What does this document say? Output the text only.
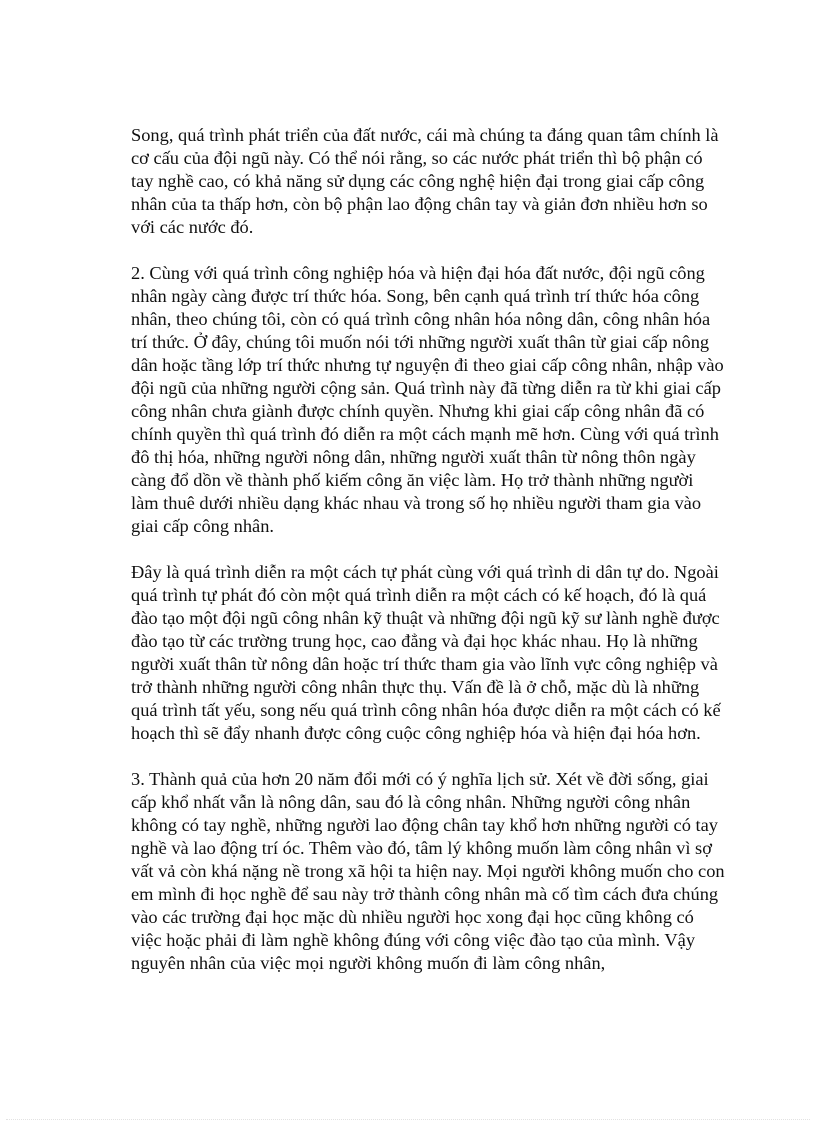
Song, quá trình phát triển của đất nước, cái mà chúng ta đáng quan tâm chính là cơ cấu của đội ngũ này. Có thể nói rằng, so các nước phát triển thì bộ phận có tay nghề cao, có khả năng sử dụng các công nghệ hiện đại trong giai cấp công nhân của ta thấp hơn, còn bộ phận lao động chân tay và giản đơn nhiều hơn so với các nước đó.

2. Cùng với quá trình công nghiệp hóa và hiện đại hóa đất nước, đội ngũ công nhân ngày càng được trí thức hóa. Song, bên cạnh quá trình trí thức hóa công nhân, theo chúng tôi, còn có quá trình công nhân hóa nông dân, công nhân hóa trí thức. Ở đây, chúng tôi muốn nói tới những người xuất thân từ giai cấp nông dân hoặc tầng lớp trí thức nhưng tự nguyện đi theo giai cấp công nhân, nhập vào đội ngũ của những người cộng sản. Quá trình này đã từng diễn ra từ khi giai cấp công nhân chưa giành được chính quyền. Nhưng khi giai cấp công nhân đã có chính quyền thì quá trình đó diễn ra một cách mạnh mẽ hơn. Cùng với quá trình đô thị hóa, những người nông dân, những người xuất thân từ nông thôn ngày càng đổ dồn về thành phố kiếm công ăn việc làm. Họ trở thành những người làm thuê dưới nhiều dạng khác nhau và trong số họ nhiều người tham gia vào giai cấp công nhân.

Đây là quá trình diễn ra một cách tự phát cùng với quá trình di dân tự do. Ngoài quá trình tự phát đó còn một quá trình diễn ra một cách có kế hoạch, đó là quá đào tạo một đội ngũ công nhân kỹ thuật và những đội ngũ kỹ sư lành nghề được đào tạo từ các trường trung học, cao đẳng và đại học khác nhau. Họ là những người xuất thân từ nông dân hoặc trí thức tham gia vào lĩnh vực công nghiệp và trở thành những người công nhân thực thụ. Vấn đề là ở chỗ, mặc dù là những quá trình tất yếu, song nếu quá trình công nhân hóa được diễn ra một cách có kế hoạch thì sẽ đẩy nhanh được công cuộc công nghiệp hóa và hiện đại hóa hơn.

3. Thành quả của hơn 20 năm đổi mới có ý nghĩa lịch sử. Xét về đời sống, giai cấp khổ nhất vẫn là nông dân, sau đó là công nhân. Những người công nhân không có tay nghề, những người lao động chân tay khổ hơn những người có tay nghề và lao động trí óc. Thêm vào đó, tâm lý không muốn làm công nhân vì sợ vất vả còn khá nặng nề trong xã hội ta hiện nay. Mọi người không muốn cho con em mình đi học nghề để sau này trở thành công nhân mà cố tìm cách đưa chúng vào các trường đại học mặc dù nhiều người học xong đại học cũng không có việc hoặc phải đi làm nghề không đúng với công việc đào tạo của mình. Vậy nguyên nhân của việc mọi người không muốn đi làm công nhân,
